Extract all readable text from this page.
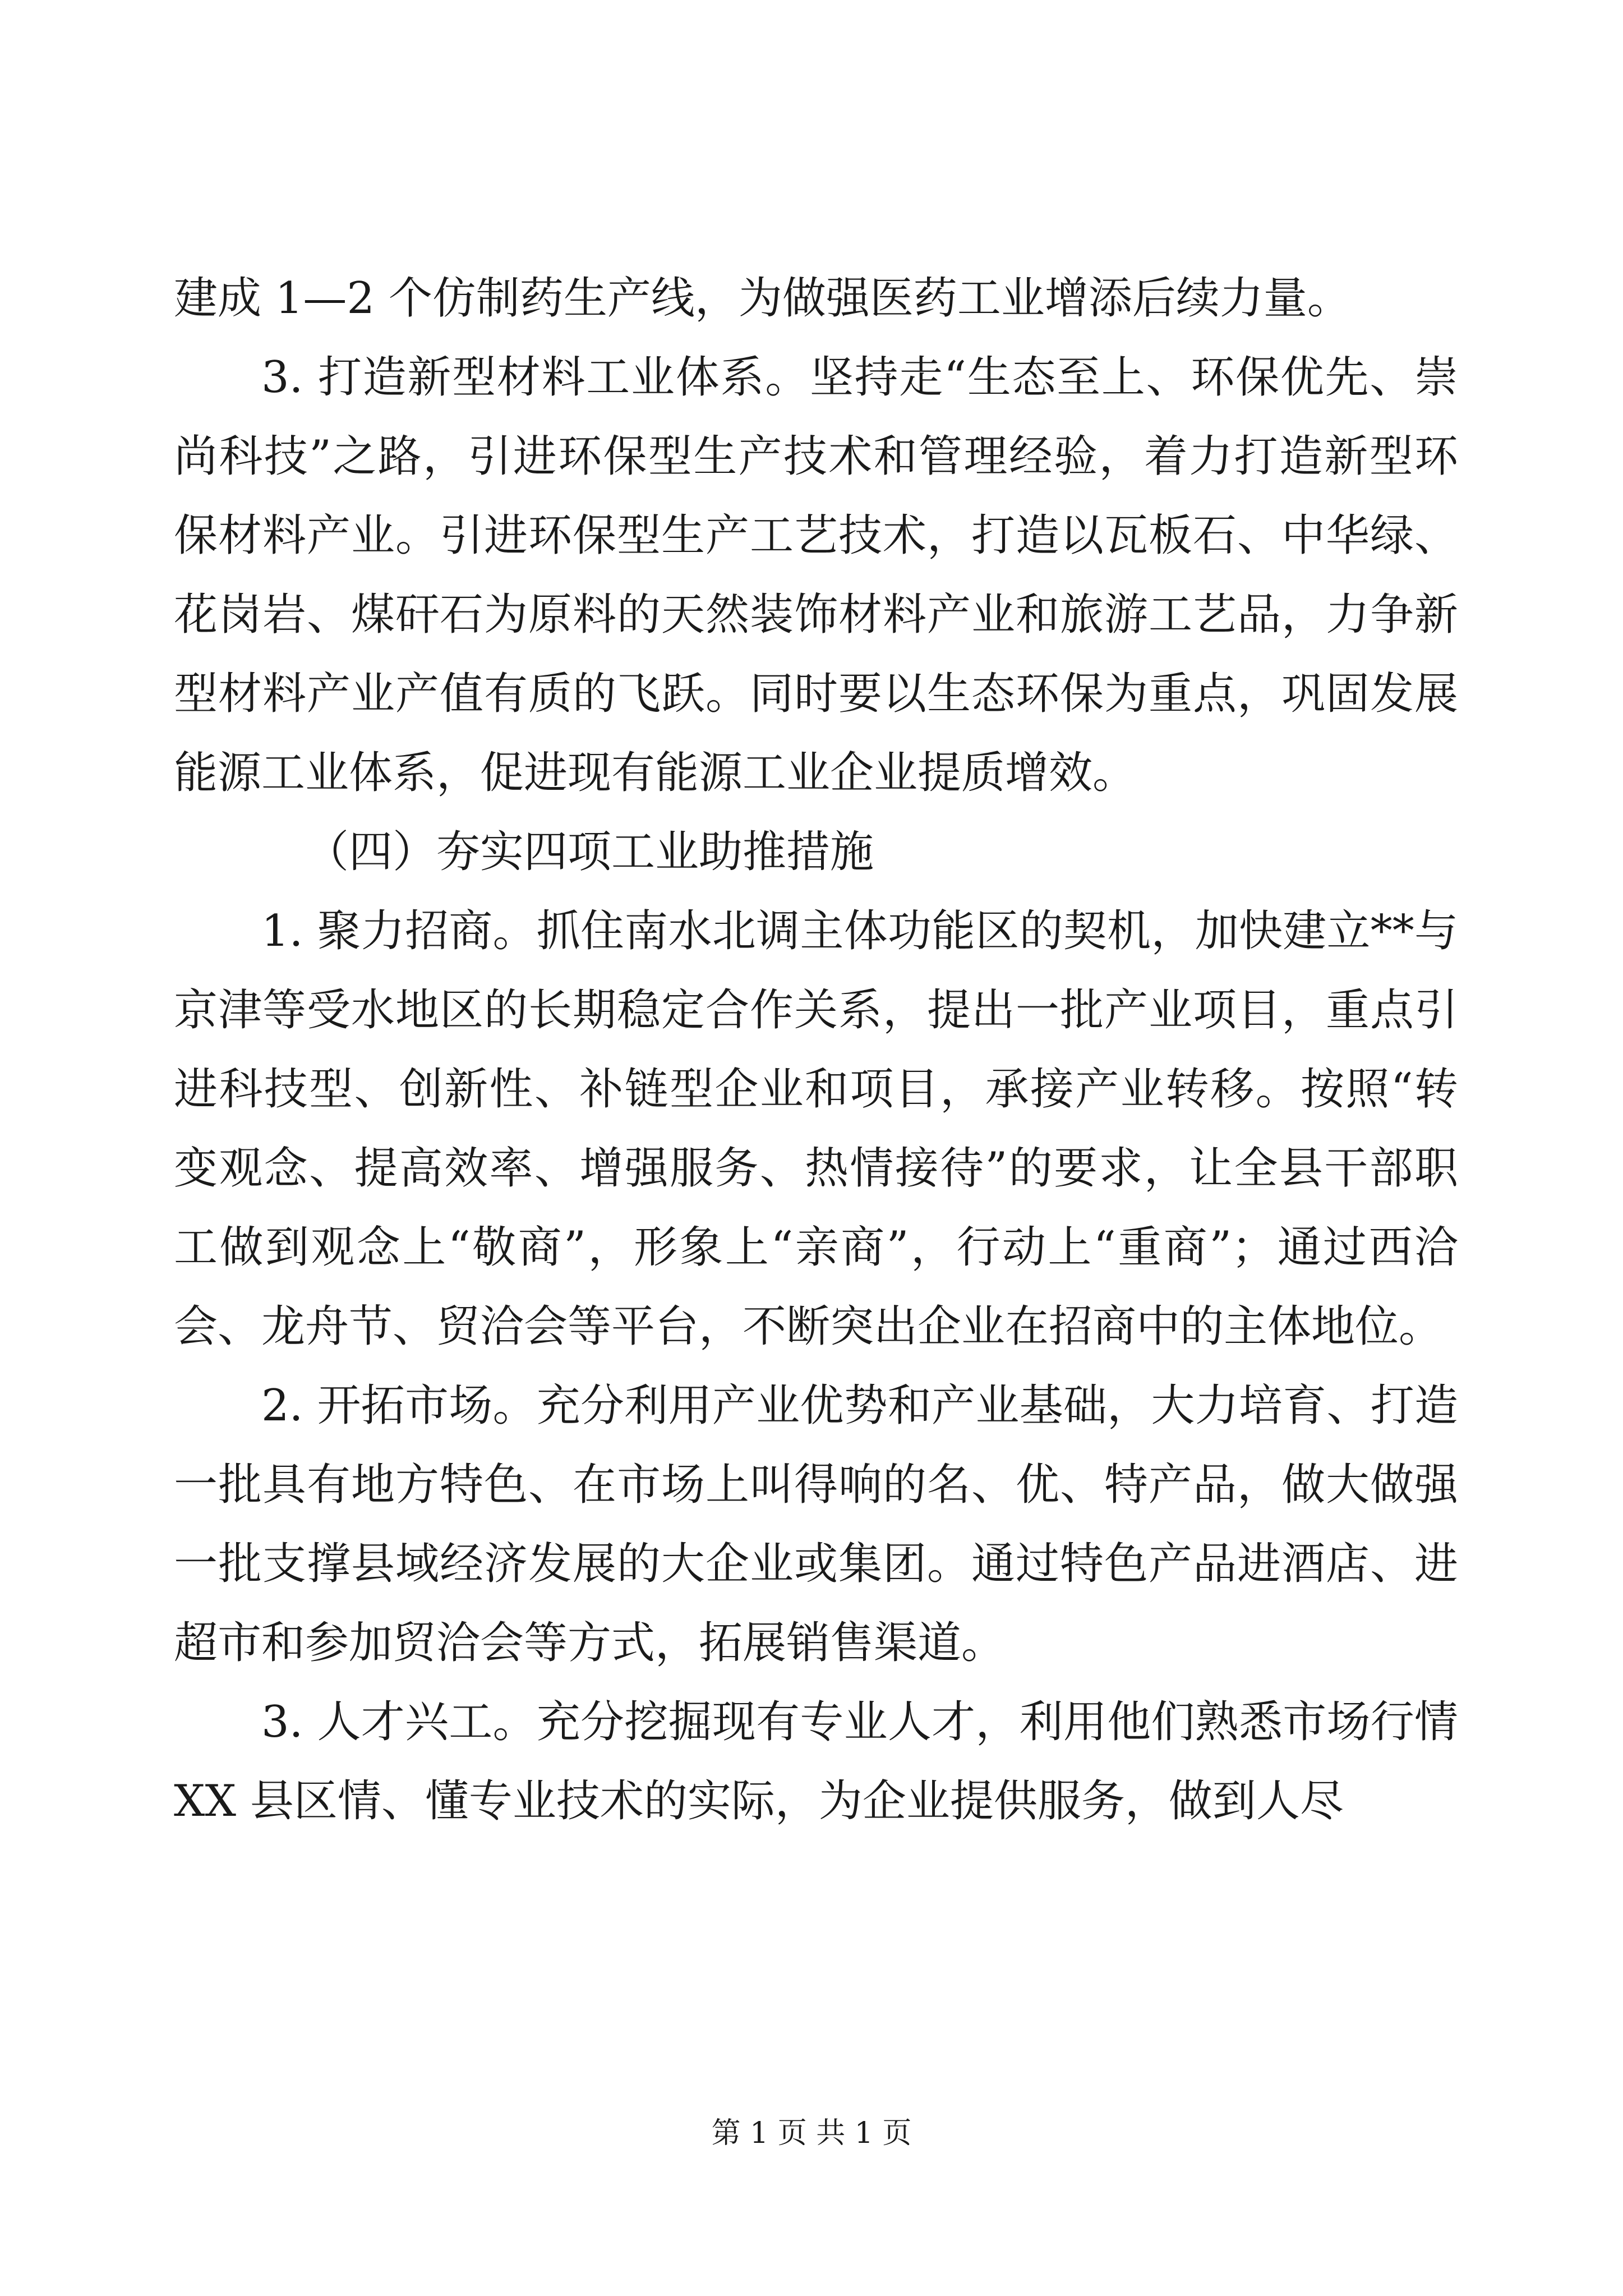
建成 1—2 个仿制药生产线，为做强医药工业增添后续力量。

3. 打造新型材料工业体系。坚持走“生态至上、环保优先、崇尚科技”之路，引进环保型生产技术和管理经验，着力打造新型环保材料产业。引进环保型生产工艺技术，打造以瓦板石、中华绿、花岗岩、煤矸石为原料的天然装饰材料产业和旅游工艺品，力争新型材料产业产值有质的飞跃。同时要以生态环保为重点，巩固发展能源工业体系，促进现有能源工业企业提质增效。

（四）夯实四项工业助推措施

1. 聚力招商。抓住南水北调主体功能区的契机，加快建立**与京津等受水地区的长期稳定合作关系，提出一批产业项目，重点引进科技型、创新性、补链型企业和项目，承接产业转移。按照“转变观念、提高效率、增强服务、热情接待”的要求，让全县干部职工做到观念上“敬商”，形象上“亲商”，行动上“重商”；通过西洽会、龙舟节、贸洽会等平台，不断突出企业在招商中的主体地位。

2. 开拓市场。充分利用产业优势和产业基础，大力培育、打造一批具有地方特色、在市场上叫得响的名、优、特产品，做大做强一批支撑县域经济发展的大企业或集团。通过特色产品进酒店、进超市和参加贸洽会等方式，拓展销售渠道。

3. 人才兴工。充分挖掘现有专业人才，利用他们熟悉市场行情 XX 县区情、懂专业技术的实际，为企业提供服务，做到人尽

第 1 页 共 1 页
